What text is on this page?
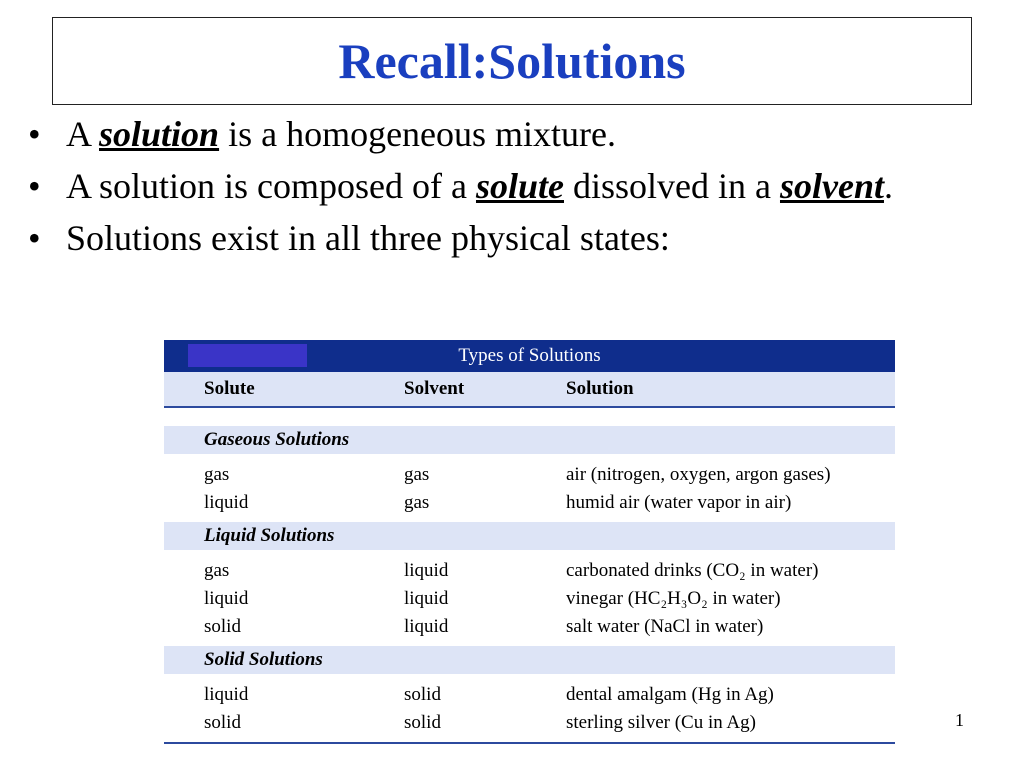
Recall:Solutions
• A solution is a homogeneous mixture.
• A solution is composed of a solute dissolved in a solvent.
• Solutions exist in all three physical states:
Types of Solutions
Solute	Solvent	Solution
Gaseous Solutions
gas	gas	air (nitrogen, oxygen, argon gases)
liquid	gas	humid air (water vapor in air)
Liquid Solutions
gas	liquid	carbonated drinks (CO₂ in water)
liquid	liquid	vinegar (HC₂H₃O₂ in water)
solid	liquid	salt water (NaCl in water)
Solid Solutions
liquid	solid	dental amalgam (Hg in Ag)
solid	solid	sterling silver (Cu in Ag)	1
